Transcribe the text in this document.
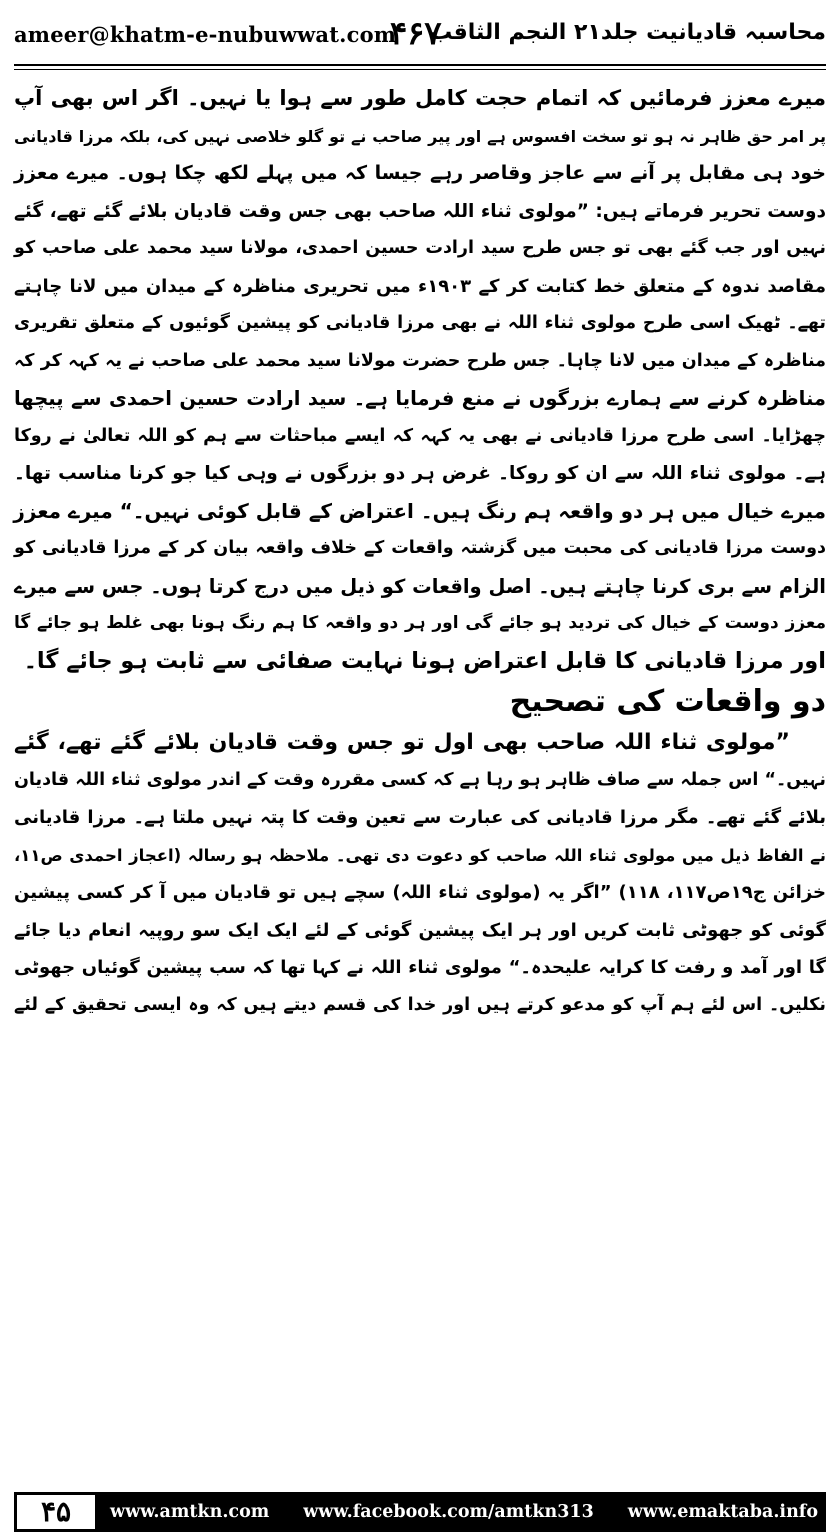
ameer@khatm-e-nubuwwat.com
۴۶۷
محاسبہ قادیانیت جلد۲۱ النجم الثاقب
میرے معزز فرمائیں کہ اتمام حجت کامل طور سے ہوا یا نہیں۔ اگر اس بھی آپ
پر امر حق ظاہر نہ ہو تو سخت افسوس ہے اور پیر صاحب نے تو گلو خلاصی نہیں کی، بلکہ مرزا قادیانی
خود ہی مقابل پر آنے سے عاجز وقاصر رہے جیسا کہ میں پہلے لکھ چکا ہوں۔ میرے معزز
دوست تحریر فرماتے ہیں: ”مولوی ثناء اللہ صاحب بھی جس وقت قادیان بلائے گئے تھے، گئے
نہیں اور جب گئے بھی تو جس طرح سید ارادت حسین احمدی، مولانا سید محمد علی صاحب کو
مقاصد ندوہ کے متعلق خط کتابت کر کے ۱۹۰۳ء میں تحریری مناظرہ کے میدان میں لانا چاہتے
تھے۔ ٹھیک اسی طرح مولوی ثناء اللہ نے بھی مرزا قادیانی کو پیشین گوئیوں کے متعلق تقریری
مناظرہ کے میدان میں لانا چاہا۔ جس طرح حضرت مولانا سید محمد علی صاحب نے یہ کہہ کر کہ
مناظرہ کرنے سے ہمارے بزرگوں نے منع فرمایا ہے۔ سید ارادت حسین احمدی سے پیچھا
چھڑایا۔ اسی طرح مرزا قادیانی نے بھی یہ کہہ کہ ایسے مباحثات سے ہم کو اللہ تعالیٰ نے روکا
ہے۔ مولوی ثناء اللہ سے ان کو روکا۔ غرض ہر دو بزرگوں نے وہی کیا جو کرنا مناسب تھا۔
میرے خیال میں ہر دو واقعہ ہم رنگ ہیں۔ اعتراض کے قابل کوئی نہیں۔“ میرے معزز
دوست مرزا قادیانی کی محبت میں گزشتہ واقعات کے خلاف واقعہ بیان کر کے مرزا قادیانی کو
الزام سے بری کرنا چاہتے ہیں۔ اصل واقعات کو ذیل میں درج کرتا ہوں۔ جس سے میرے
معزز دوست کے خیال کی تردید ہو جائے گی اور ہر دو واقعہ کا ہم رنگ ہونا بھی غلط ہو جائے گا
اور مرزا قادیانی کا قابل اعتراض ہونا نہایت صفائی سے ثابت ہو جائے گا۔
دو واقعات کی تصحیح
”مولوی ثناء اللہ صاحب بھی اول تو جس وقت قادیان بلائے گئے تھے، گئے
نہیں۔“ اس جملہ سے صاف ظاہر ہو رہا ہے کہ کسی مقررہ وقت کے اندر مولوی ثناء اللہ قادیان
بلائے گئے تھے۔ مگر مرزا قادیانی کی عبارت سے تعین وقت کا پتہ نہیں ملتا ہے۔ مرزا قادیانی
نے الفاظ ذیل میں مولوی ثناء اللہ صاحب کو دعوت دی تھی۔ ملاحظہ ہو رسالہ (اعجاز احمدی ص۱۱،
خزائن ج۱۹ص۱۱۷، ۱۱۸) ”اگر یہ (مولوی ثناء اللہ) سچے ہیں تو قادیان میں آ کر کسی پیشین
گوئی کو جھوٹی ثابت کریں اور ہر ایک پیشین گوئی کے لئے ایک ایک سو روپیہ انعام دیا جائے
گا اور آمد و رفت کا کرایہ علیحدہ۔“ مولوی ثناء اللہ نے کہا تھا کہ سب پیشین گوئیاں جھوٹی
نکلیں۔ اس لئے ہم آپ کو مدعو کرتے ہیں اور خدا کی قسم دیتے ہیں کہ وہ ایسی تحقیق کے لئے
۴۵	www.amtkn.com www.facebook.com/amtkn313 www.emaktaba.info
